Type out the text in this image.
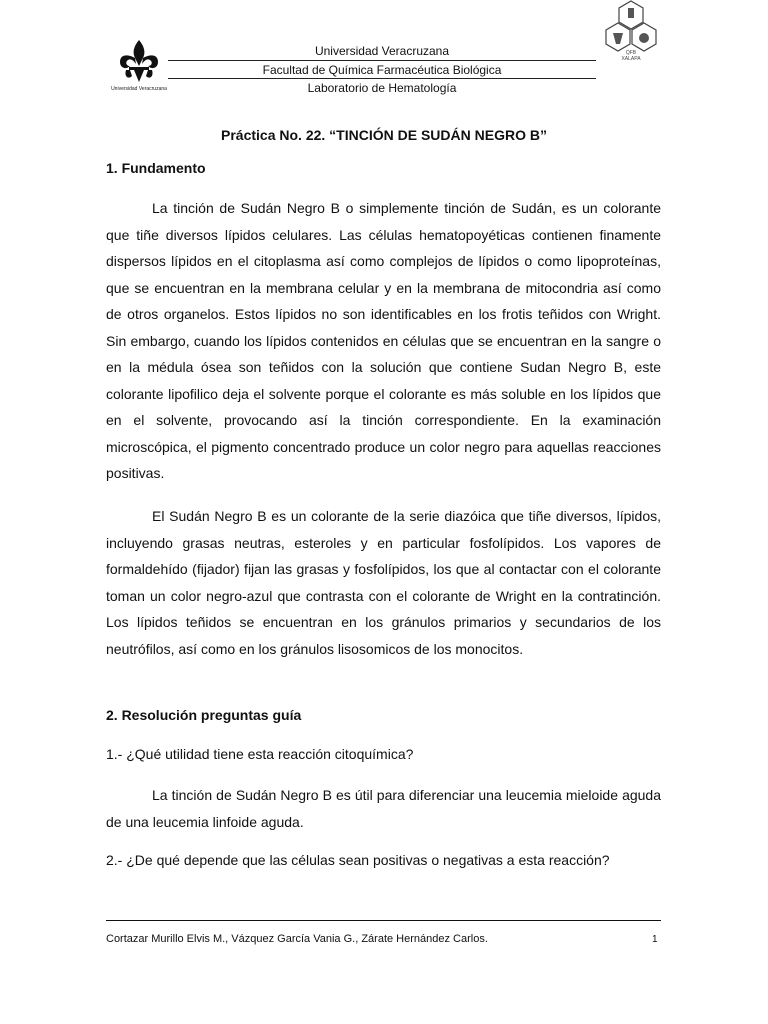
Universidad Veracruzana
Universidad Veracruzana
Facultad de Química Farmacéutica Biológica
Laboratorio de Hematología
QFB
XALAPA
Práctica No. 22. “TINCIÓN DE SUDÁN NEGRO B”
1. Fundamento
La tinción de Sudán Negro B o simplemente tinción de Sudán, es un colorante que tiñe diversos lípidos celulares. Las células hematopoyéticas contienen finamente dispersos lípidos en el citoplasma así como complejos de lípidos o como lipoproteínas, que se encuentran en la membrana celular y en la membrana de mitocondria así como de otros organelos. Estos lípidos no son identificables en los frotis teñidos con Wright. Sin embargo, cuando los lípidos contenidos en células que se encuentran en la sangre o en la médula ósea son teñidos con la solución que contiene Sudan Negro B, este colorante lipofilico deja el solvente porque el colorante es más soluble en los lípidos que en el solvente, provocando así la tinción correspondiente. En la examinación microscópica, el pigmento concentrado produce un color negro para aquellas reacciones positivas.
El Sudán Negro B es un colorante de la serie diazóica que tiñe diversos, lípidos, incluyendo grasas neutras, esteroles y en particular fosfolípidos. Los vapores de formaldehído (fijador) fijan las grasas y fosfolípidos, los que al contactar con el colorante toman un color negro-azul que contrasta con el colorante de Wright en la contratinción. Los lípidos teñidos se encuentran en los gránulos primarios y secundarios de los neutrófilos, así como en los gránulos lisosomicos de los monocitos.
2. Resolución preguntas guía
1.- ¿Qué utilidad tiene esta reacción citoquímica?
La tinción de Sudán Negro B es útil para diferenciar una leucemia mieloide aguda de una leucemia linfoide aguda.
2.- ¿De qué depende que las células sean positivas o negativas a esta reacción?
Cortazar Murillo Elvis M., Vázquez García Vania G., Zárate Hernández Carlos.	1
